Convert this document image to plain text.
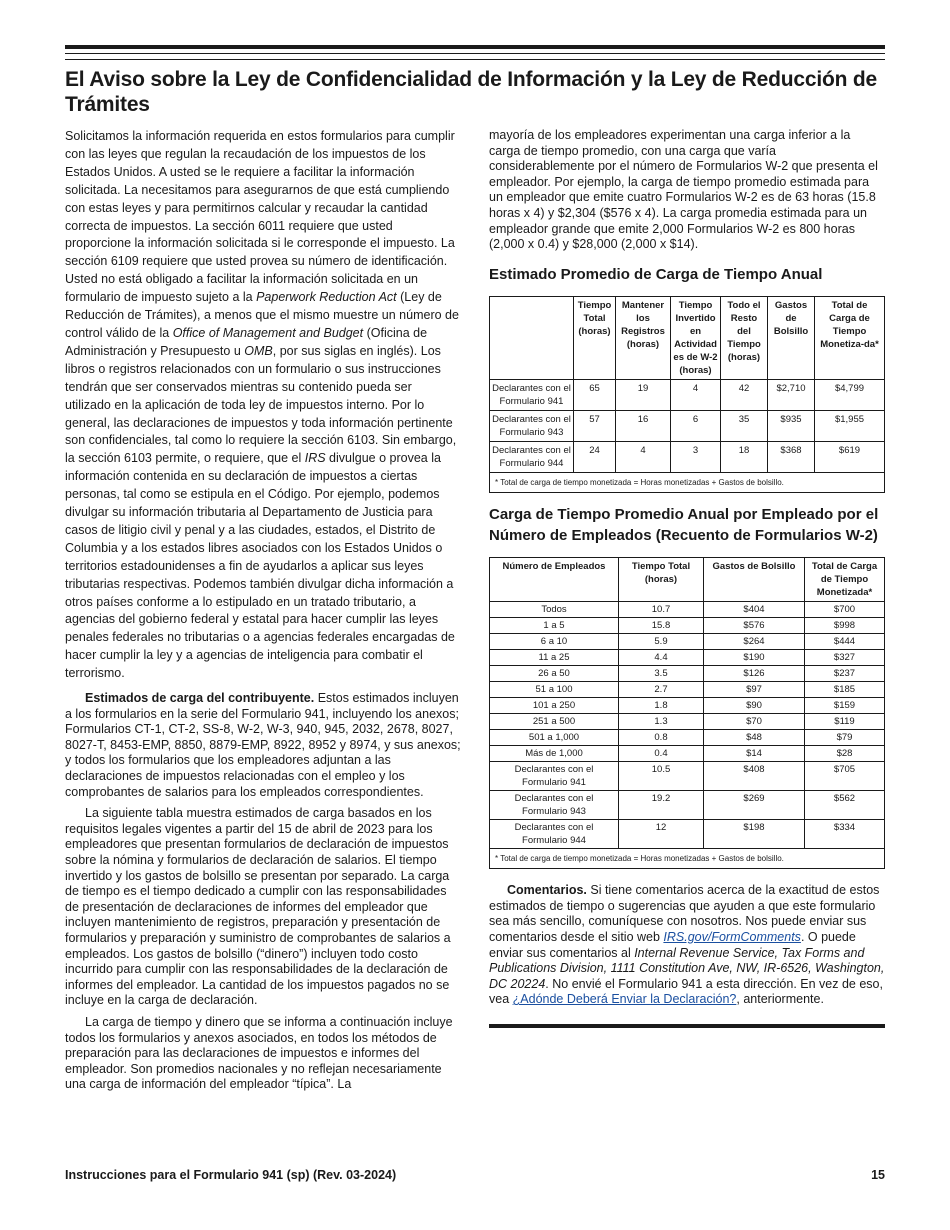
El Aviso sobre la Ley de Confidencialidad de Información y la Ley de Reducción de Trámites

Solicitamos la información requerida en estos formularios para cumplir con las leyes que regulan la recaudación de los impuestos de los Estados Unidos. A usted se le requiere a facilitar la información solicitada. La necesitamos para asegurarnos de que está cumpliendo con estas leyes y para permitirnos calcular y recaudar la cantidad correcta de impuestos. La sección 6011 requiere que usted proporcione la información solicitada si le corresponde el impuesto. La sección 6109 requiere que usted provea su número de identificación. Usted no está obligado a facilitar la información solicitada en un formulario de impuesto sujeto a la Paperwork Reduction Act (Ley de Reducción de Trámites), a menos que el mismo muestre un número de control válido de la Office of Management and Budget (Oficina de Administración y Presupuesto u OMB, por sus siglas en inglés). Los libros o registros relacionados con un formulario o sus instrucciones tendrán que ser conservados mientras su contenido pueda ser utilizado en la aplicación de toda ley de impuestos interno. Por lo general, las declaraciones de impuestos y toda información pertinente son confidenciales, tal como lo requiere la sección 6103. Sin embargo, la sección 6103 permite, o requiere, que el IRS divulgue o provea la información contenida en su declaración de impuestos a ciertas personas, tal como se estipula en el Código. Por ejemplo, podemos divulgar su información tributaria al Departamento de Justicia para casos de litigio civil y penal y a las ciudades, estados, el Distrito de Columbia y a los estados libres asociados con los Estados Unidos o territorios estadounidenses a fin de ayudarlos a aplicar sus leyes tributarias respectivas. Podemos también divulgar dicha información a otros países conforme a lo estipulado en un tratado tributario, a agencias del gobierno federal y estatal para hacer cumplir las leyes penales federales no tributarias o a agencias federales encargadas de hacer cumplir la ley y a agencias de inteligencia para combatir el terrorismo.

Estimados de carga del contribuyente. Estos estimados incluyen a los formularios en la serie del Formulario 941, incluyendo los anexos; Formularios CT-1, CT-2, SS-8, W-2, W-3, 940, 945, 2032, 2678, 8027, 8027-T, 8453-EMP, 8850, 8879-EMP, 8922, 8952 y 8974, y sus anexos; y todos los formularios que los empleadores adjuntan a las declaraciones de impuestos relacionadas con el empleo y los comprobantes de salarios para los empleados correspondientes.

La siguiente tabla muestra estimados de carga basados en los requisitos legales vigentes a partir del 15 de abril de 2023 para los empleadores que presentan formularios de declaración de impuestos sobre la nómina y formularios de declaración de salarios. El tiempo invertido y los gastos de bolsillo se presentan por separado. La carga de tiempo es el tiempo dedicado a cumplir con las responsabilidades de presentación de declaraciones de informes del empleador que incluyen mantenimiento de registros, preparación y presentación de formularios y preparación y suministro de comprobantes de salarios a empleados. Los gastos de bolsillo (“dinero”) incluyen todo costo incurrido para cumplir con las responsabilidades de la declaración de informes del empleador. La cantidad de los impuestos pagados no se incluye en la carga de declaración.

La carga de tiempo y dinero que se informa a continuación incluye todos los formularios y anexos asociados, en todos los métodos de preparación para las declaraciones de impuestos e informes del empleador. Son promedios nacionales y no reflejan necesariamente una carga de información del empleador “típica”. La

mayoría de los empleadores experimentan una carga inferior a la carga de tiempo promedio, con una carga que varía considerablemente por el número de Formularios W-2 que presenta el empleador. Por ejemplo, la carga de tiempo promedio estimada para un empleador que emite cuatro Formularios W-2 es de 63 horas (15.8 horas x 4) y $2,304 ($576 x 4). La carga promedia estimada para un empleador grande que emite 2,000 Formularios W-2 es 800 horas (2,000 x 0.4) y $28,000 (2,000 x $14).

Estimado Promedio de Carga de Tiempo Anual
	Tiempo Total (horas)	Mantener los Registros (horas)	Tiempo Invertido en Actividad es de W-2 (horas)	Todo el Resto del Tiempo (horas)	Gastos de Bolsillo	Total de Carga de Tiempo Monetiza-da*
Declarantes con el Formulario 941	65	19	4	42	$2,710	$4,799
Declarantes con el Formulario 943	57	16	6	35	$935	$1,955
Declarantes con el Formulario 944	24	4	3	18	$368	$619
* Total de carga de tiempo monetizada = Horas monetizadas + Gastos de bolsillo.						
Carga de Tiempo Promedio Anual por Empleado por el Número de Empleados (Recuento de Formularios W-2)
Número de Empleados	Tiempo Total (horas)	Gastos de Bolsillo	Total de Carga de Tiempo Monetizada*
Todos	10.7	$404	$700
1 a 5	15.8	$576	$998
6 a 10	5.9	$264	$444
11 a 25	4.4	$190	$327
26 a 50	3.5	$126	$237
51 a 100	2.7	$97	$185
101 a 250	1.8	$90	$159
251 a 500	1.3	$70	$119
501 a 1,000	0.8	$48	$79
Más de 1,000	0.4	$14	$28
Declarantes con el Formulario 941	10.5	$408	$705
Declarantes con el Formulario 943	19.2	$269	$562
Declarantes con el Formulario 944	12	$198	$334
* Total de carga de tiempo monetizada = Horas monetizadas + Gastos de bolsillo.			

Comentarios. Si tiene comentarios acerca de la exactitud de estos estimados de tiempo o sugerencias que ayuden a que este formulario sea más sencillo, comuníquese con nosotros. Nos puede enviar sus comentarios desde el sitio web IRS.gov/FormComments. O puede enviar sus comentarios al Internal Revenue Service, Tax Forms and Publications Division, 1111 Constitution Ave, NW, IR-6526, Washington, DC 20224. No envié el Formulario 941 a esta dirección. En vez de eso, vea ¿Adónde Deberá Enviar la Declaración?, anteriormente.

Instrucciones para el Formulario 941 (sp) (Rev. 03-2024)	15
